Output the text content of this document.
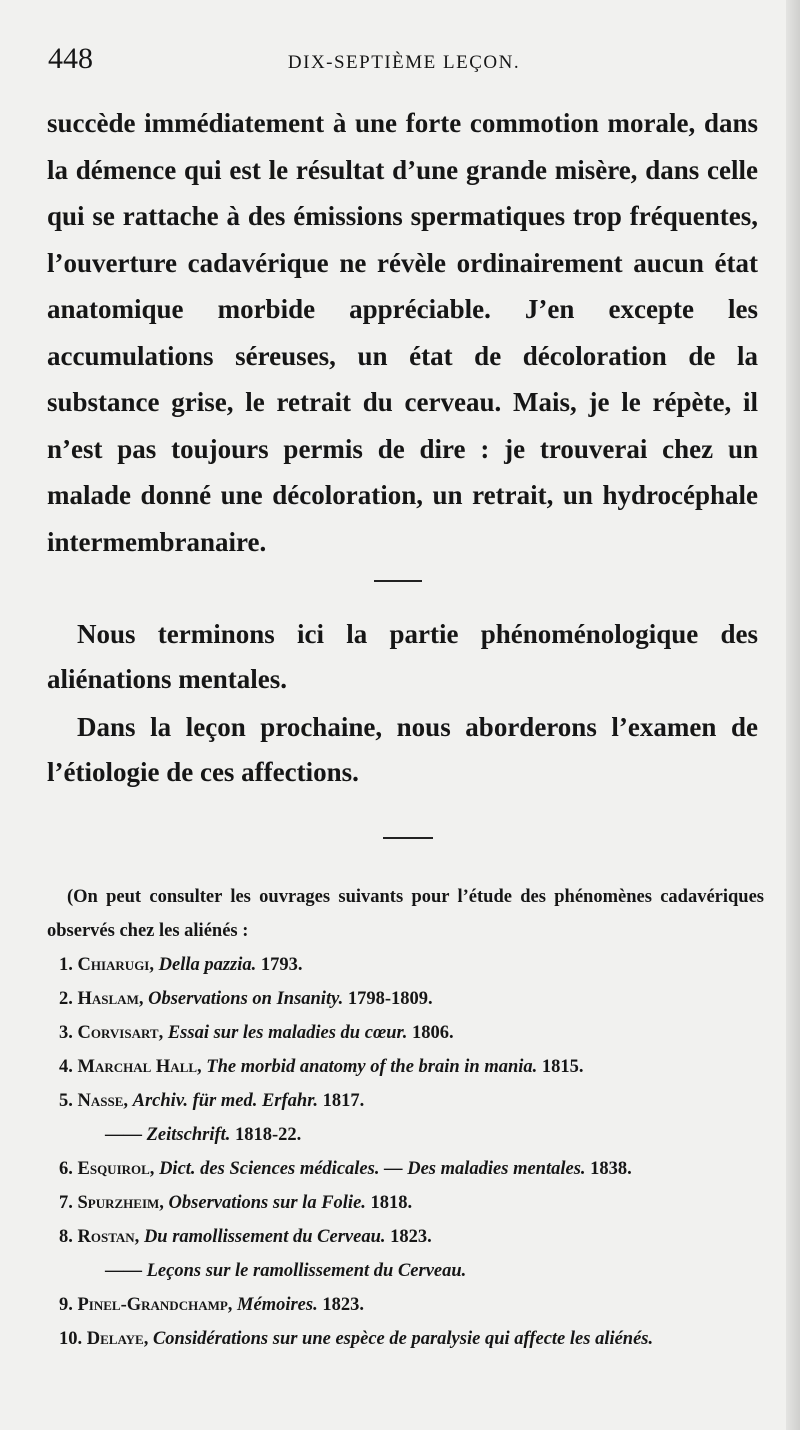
448	DIX-SEPTIÈME LEÇON.

succède immédiatement à une forte commotion morale, dans la démence qui est le résultat d’une grande misère, dans celle qui se rattache à des émissions spermatiques trop fréquentes, l’ouverture cadavérique ne révèle ordinairement aucun état anatomique morbide appréciable. J’en excepte les accumulations séreuses, un état de décoloration de la substance grise, le retrait du cerveau. Mais, je le répète, il n’est pas toujours permis de dire : je trouverai chez un malade donné une décoloration, un retrait, un hydrocéphale intermembranaire.

Nous terminons ici la partie phénoménologique des aliénations mentales.

Dans la leçon prochaine, nous aborderons l’examen de l’étiologie de ces affections.

(On peut consulter les ouvrages suivants pour l’étude des phénomènes cadavériques observés chez les aliénés :

1. Chiarugi, Della pazzia. 1793.
2. Haslam, Observations on Insanity. 1798-1809.
3. Corvisart, Essai sur les maladies du cœur. 1806.
4. Marchal Hall, The morbid anatomy of the brain in mania. 1815.
5. Nasse, Archiv. für med. Erfahr. 1817.
—— Zeitschrift. 1818-22.
6. Esquirol, Dict. des Sciences médicales. — Des maladies mentales. 1838.
7. Spurzheim, Observations sur la Folie. 1818.
8. Rostan, Du ramollissement du Cerveau. 1823.
—— Leçons sur le ramollissement du Cerveau.
9. Pinel-Grandchamp, Mémoires. 1823.
10. Delaye, Considérations sur une espèce de paralysie qui affecte les aliénés.
